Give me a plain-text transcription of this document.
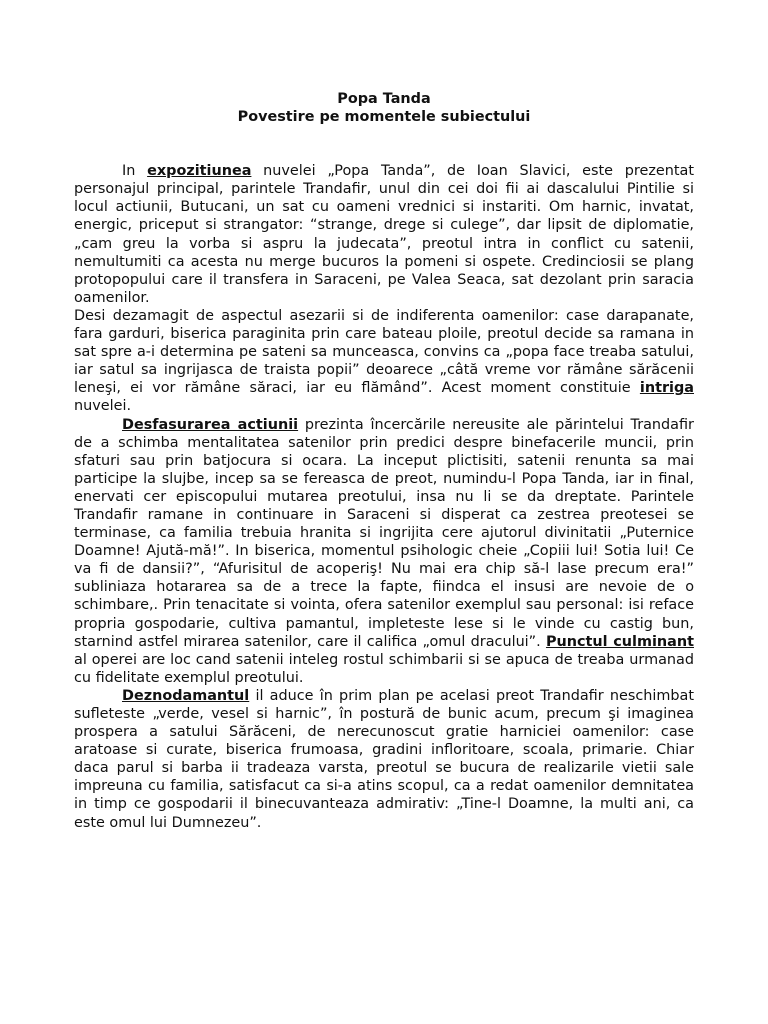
Popa Tanda
Povestire pe momentele subiectului

In expozitiunea nuvelei „Popa Tanda”, de Ioan Slavici, este prezentat personajul principal, parintele Trandafir, unul din cei doi fii ai dascalului Pintilie si locul actiunii, Butucani, un sat cu oameni vrednici si instariti. Om harnic, invatat, energic, priceput si strangator: “strange, drege si culege”, dar lipsit de diplomatie, „cam greu la vorba si aspru la judecata”, preotul intra in conflict cu satenii, nemultumiti ca acesta nu merge bucuros la pomeni si ospete. Credinciosii se plang protopopului care il transfera in Saraceni, pe Valea Seaca, sat dezolant prin saracia oamenilor.

Desi dezamagit de aspectul asezarii si de indiferenta oamenilor: case darapanate, fara garduri, biserica paraginita prin care bateau ploile, preotul decide sa ramana in sat spre a-i determina pe sateni sa munceasca, convins ca „popa face treaba satului, iar satul sa ingrijasca de traista popii” deoarece „câtă vreme vor rămâne sărăcenii leneşi, ei vor rămâne săraci, iar eu flămând”. Acest moment constituie intriga nuvelei.

Desfasurarea actiunii prezinta încercările nereusite ale părintelui Trandafir de a schimba mentalitatea satenilor prin predici despre binefacerile muncii, prin sfaturi sau prin batjocura si ocara. La inceput plictisiti, satenii renunta sa mai participe la slujbe, incep sa se fereasca de preot, numindu-l Popa Tanda, iar in final, enervati cer episcopului mutarea preotului, insa nu li se da dreptate. Parintele Trandafir ramane in continuare in Saraceni si disperat ca zestrea preotesei se terminase, ca familia trebuia hranita si ingrijita cere ajutorul divinitatii „Puternice Doamne! Ajută-mă!”. In biserica, momentul psihologic cheie „Copiii lui! Sotia lui! Ce va fi de dansii?”, “Afurisitul de acoperiş! Nu mai era chip să-l lase precum era!” subliniaza hotararea sa de a trece la fapte, fiindca el insusi are nevoie de o schimbare,. Prin tenacitate si vointa, ofera satenilor exemplul sau personal: isi reface propria gospodarie, cultiva pamantul, impleteste lese si le vinde cu castig bun, starnind astfel mirarea satenilor, care il califica „omul dracului”. Punctul culminant al operei are loc cand satenii inteleg rostul schimbarii si se apuca de treaba urmanad cu fidelitate exemplul preotului.

Deznodamantul il aduce în prim plan pe acelasi preot Trandafir neschimbat sufleteste „verde, vesel si harnic”, în postură de bunic acum, precum şi imaginea prospera a satului Sărăceni, de nerecunoscut gratie harniciei oamenilor: case aratoase si curate, biserica frumoasa, gradini infloritoare, scoala, primarie. Chiar daca parul si barba ii tradeaza varsta, preotul se bucura de realizarile vietii sale impreuna cu familia, satisfacut ca si-a atins scopul, ca a redat oamenilor demnitatea in timp ce gospodarii il binecuvanteaza admirativ: „Tine-l Doamne, la multi ani, ca este omul lui Dumnezeu”.
